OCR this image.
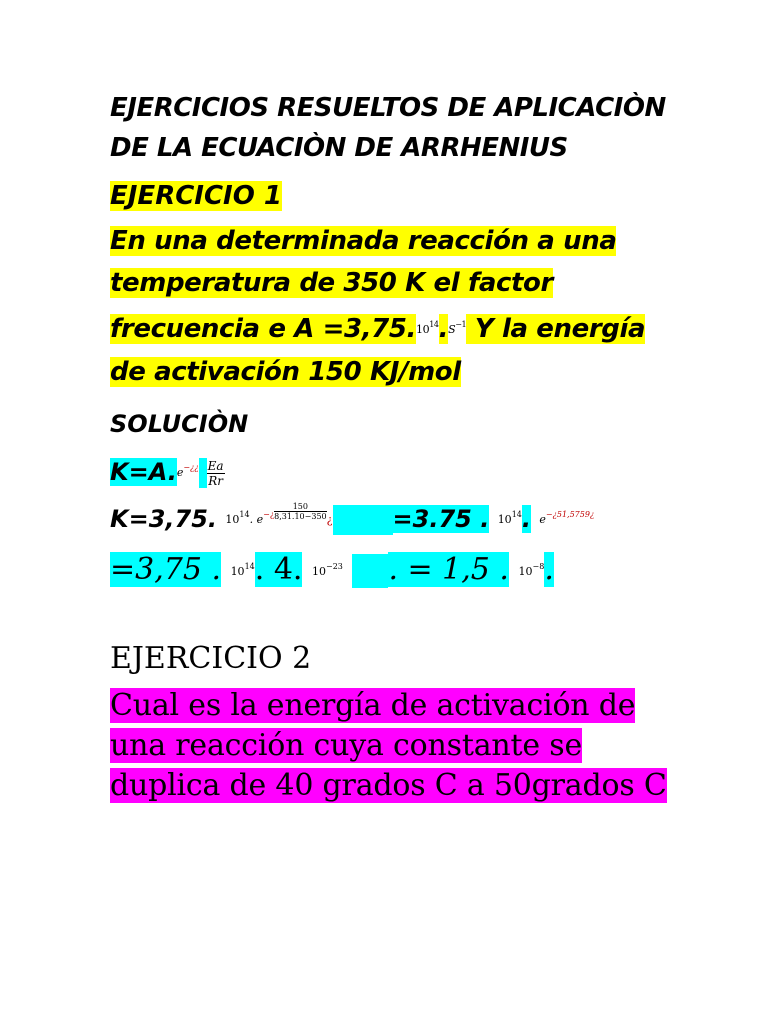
EJERCICIOS RESUELTOS DE APLICACIÒN DE LA ECUACIÒN DE ARRHENIUS
EJERCICIO 1
En una determinada reacción a una temperatura de 350 K el factor frecuencia e $A =3,75.10^{14}.S^{-1}$ Y la energía de activación 150 KJ/mol
SOLUCIÒN
$K=A.e^{-¿¿} \frac{Ea}{Rr}$
K=3,75. $10^{14}$. $e^{-¿} \frac{150}{8,31.10-350}$ ¿	=3.75 . $10^{14}$. $e^{-¿51,5759¿}$
=3,75 . $10^{14}$. 4. $10^{-23}$ . = 1,5 . $10^{-8}$.
EJERCICIO 2
Cual es la energía de activación de una reacción cuya constante se duplica de 40 grados C a 50grados C
